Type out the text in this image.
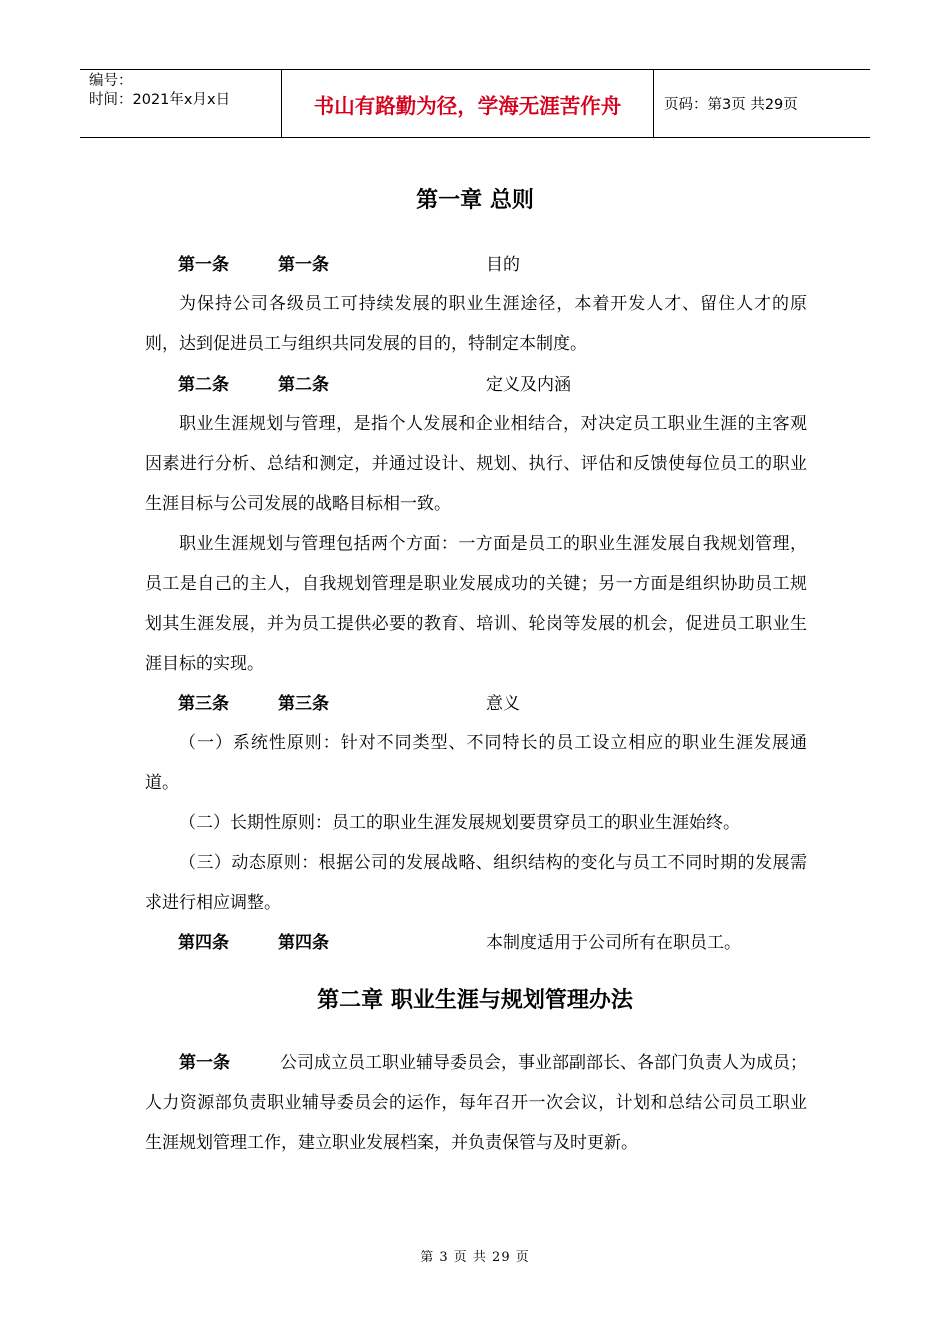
编号：
时间：2021年x月x日	书山有路勤为径，学海无涯苦作舟	页码：第3页 共29页
第一章 总则
第一条	第一条	目的
为保持公司各级员工可持续发展的职业生涯途径，本着开发人才、留住人才的原则，达到促进员工与组织共同发展的目的，特制定本制度。
第二条	第二条	定义及内涵
职业生涯规划与管理，是指个人发展和企业相结合，对决定员工职业生涯的主客观因素进行分析、总结和测定，并通过设计、规划、执行、评估和反馈使每位员工的职业生涯目标与公司发展的战略目标相一致。
职业生涯规划与管理包括两个方面：一方面是员工的职业生涯发展自我规划管理，员工是自己的主人，自我规划管理是职业发展成功的关键；另一方面是组织协助员工规划其生涯发展，并为员工提供必要的教育、培训、轮岗等发展的机会，促进员工职业生涯目标的实现。
第三条	第三条	意义
（一）系统性原则：针对不同类型、不同特长的员工设立相应的职业生涯发展通道。
（二）长期性原则：员工的职业生涯发展规划要贯穿员工的职业生涯始终。
（三）动态原则：根据公司的发展战略、组织结构的变化与员工不同时期的发展需求进行相应调整。
第四条	第四条	本制度适用于公司所有在职员工。
第二章 职业生涯与规划管理办法
第一条	公司成立员工职业辅导委员会，事业部副部长、各部门负责人为成员；人力资源部负责职业辅导委员会的运作，每年召开一次会议，计划和总结公司员工职业生涯规划管理工作，建立职业发展档案，并负责保管与及时更新。
第 3 页 共 29 页
